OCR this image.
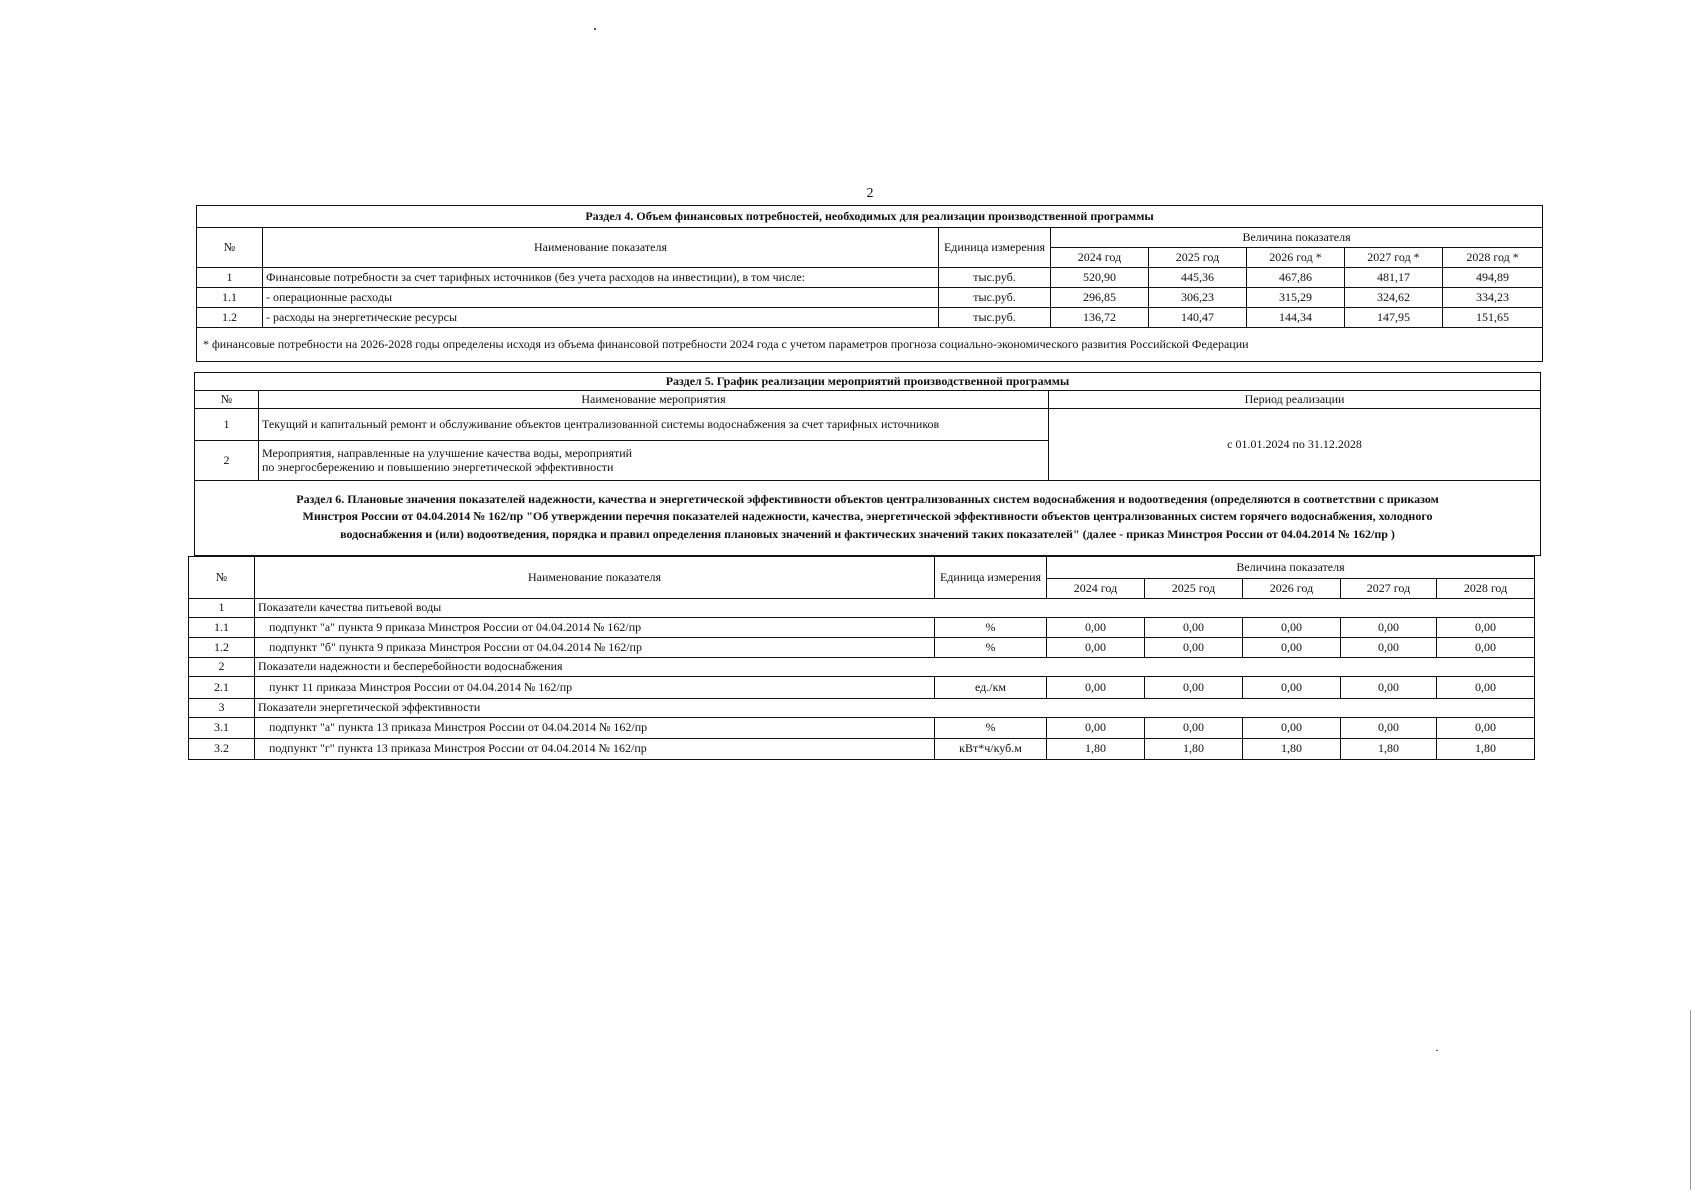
2
Раздел 4. Объем финансовых потребностей, необходимых для реализации производственной программы							
№	Наименование показателя	Единица измерения	Величина показателя				
			2024 год	2025 год	2026 год *	2027 год *	2028 год *
1	Финансовые потребности за счет тарифных источников (без учета расходов на инвестиции), в том числе:	тыс.руб.	520,90	445,36	467,86	481,17	494,89
1.1	- операционные расходы	тыс.руб.	296,85	306,23	315,29	324,62	334,23
1.2	- расходы на энергетические ресурсы	тыс.руб.	136,72	140,47	144,34	147,95	151,65
* финансовые потребности на 2026-2028 годы определены исходя из объема финансовой потребности 2024 года с учетом параметров прогноза социально-экономического развития Российской Федерации							
Раздел 5. График реализации мероприятий производственной программы		
№	Наименование мероприятия	Период реализации
1	Текущий и капитальный ремонт и обслуживание объектов централизованной системы водоснабжения за счет тарифных источников	с 01.01.2024 по 31.12.2028
2	Мероприятия, направленные на улучшение качества воды, мероприятий
по энергосбережению и повышению энергетической эффективности	

Раздел 6. Плановые значения показателей надежности, качества и энергетической эффективности объектов централизованных систем водоснабжения и водоотведения (определяются в соответствии с приказом
Минстроя России от 04.04.2014 № 162/пр "Об утверждении перечня показателей надежности, качества, энергетической эффективности объектов централизованных систем горячего водоснабжения, холодного
водоснабжения и (или) водоотведения, порядка и правил определения плановых значений и фактических значений таких показателей" (далее - приказ Минстроя России от 04.04.2014 № 162/пр )		
№	Наименование показателя	Единица измерения	Величина показателя				
			2024 год	2025 год	2026 год	2027 год	2028 год
1	Показатели качества питьевой воды						
1.1	подпункт "а" пункта 9 приказа Минстроя России от 04.04.2014 № 162/пр	%	0,00	0,00	0,00	0,00	0,00
1.2	подпункт "б" пункта 9 приказа Минстроя России от 04.04.2014 № 162/пр	%	0,00	0,00	0,00	0,00	0,00
2	Показатели надежности и бесперебойности водоснабжения						
2.1	пункт 11 приказа Минстроя России от 04.04.2014 № 162/пр	ед./км	0,00	0,00	0,00	0,00	0,00
3	Показатели энергетической эффективности						
3.1	подпункт "а" пункта 13 приказа Минстроя России от 04.04.2014 № 162/пр	%	0,00	0,00	0,00	0,00	0,00
3.2	подпункт "г" пункта 13 приказа Минстроя России от 04.04.2014 № 162/пр	кВт*ч/куб.м	1,80	1,80	1,80	1,80	1,80
